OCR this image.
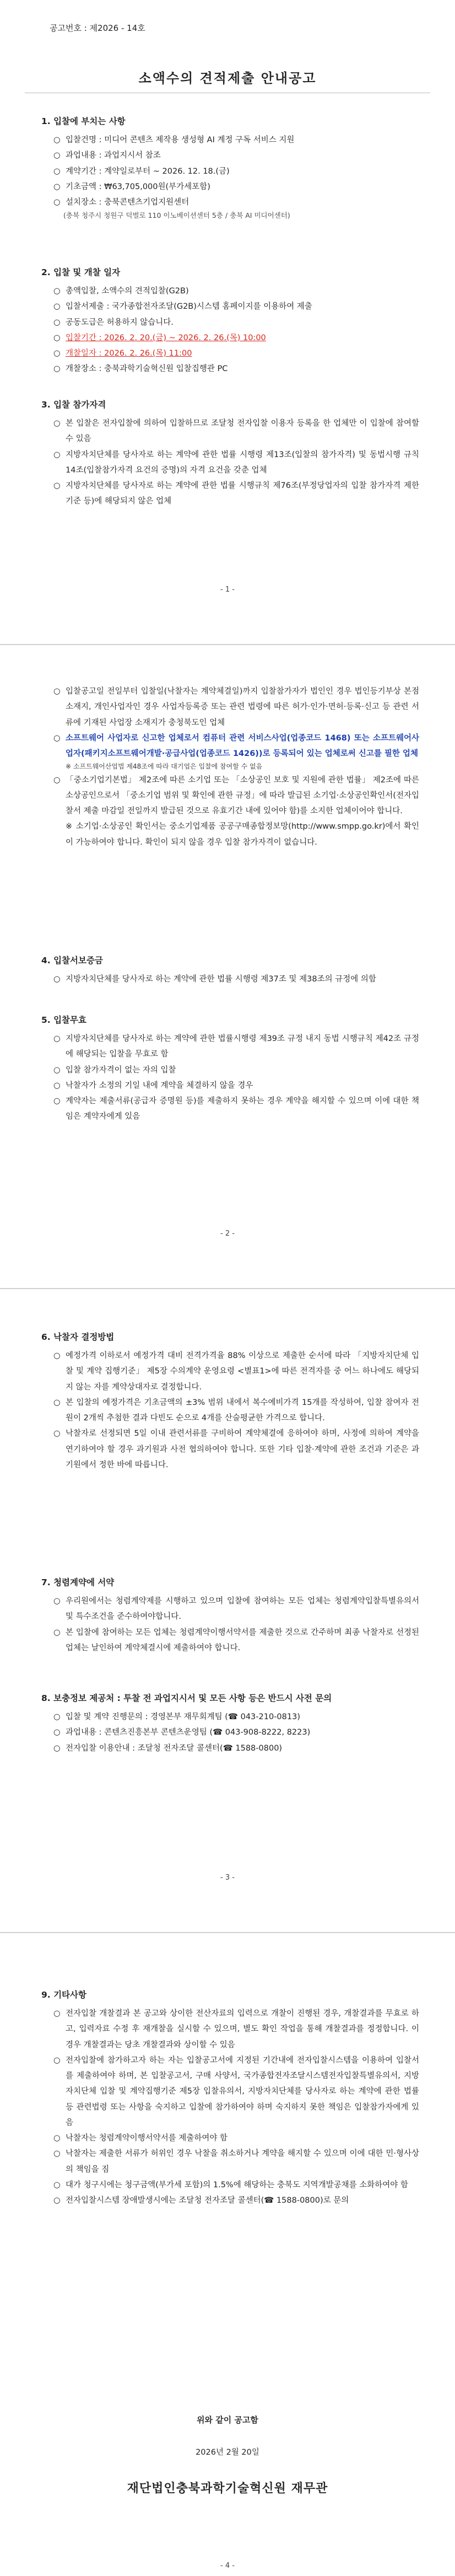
공고번호 : 제2026 - 14호
소액수의 견적제출 안내공고
1. 입찰에 부치는 사항
○ 입찰건명 : 미디어 콘텐츠 제작용 생성형 AI 계정 구독 서비스 지원
○ 과업내용 : 과업지시서 참조
○ 계약기간 : 계약일로부터 ~ 2026. 12. 18.(금)
○ 기초금액 : ₩63,705,000원(부가세포함)
○ 설치장소 : 충북콘텐츠기업지원센터
(충북 청주시 청원구 덕벌로 110 이노베이션센터 5층 / 충북 AI 미디어센터)
2. 입찰 및 개찰 일자
○ 총액입찰, 소액수의 견적입찰(G2B)
○ 입찰서제출 : 국가종합전자조달(G2B)시스템 홈페이지를 이용하여 제출
○ 공동도급은 허용하지 않습니다.
○ 입찰기간 : 2026. 2. 20.(금) ~ 2026. 2. 26.(목) 10:00
○ 개찰일자 : 2026. 2. 26.(목) 11:00
○ 개찰장소 : 충북과학기술혁신원 입찰집행관 PC
3. 입찰 참가자격
○ 본 입찰은 전자입찰에 의하여 입찰하므로 조달청 전자입찰 이용자 등록을 한 업체만 이 입찰에 참여할 수 있음
○ 지방자치단체를 당사자로 하는 계약에 관한 법률 시행령 제13조(입찰의 참가자격) 및 동법시행 규칙 14조(입찰참가자격 요건의 증명)의 자격 요건을 갖춘 업체
○ 지방자치단체를 당사자로 하는 계약에 관한 법률 시행규칙 제76조(부정당업자의 입찰 참가자격 제한기준 등)에 해당되지 않은 업체
- 1 -
○ 입찰공고일 전일부터 입찰일(낙찰자는 계약체결일)까지 입찰참가자가 법인인 경우 법인등기부상 본점 소재지, 개인사업자인 경우 사업자등록증 또는 관련 법령에 따른 허가·인가·면허·등록·신고 등 관련 서류에 기재된 사업장 소재지가 충청북도인 업체
○ 소프트웨어 사업자로 신고한 업체로서 컴퓨터 관련 서비스사업(업종코드 1468) 또는 소프트웨어사업자(패키지소프트웨어개발·공급사업(업종코드 1426))로 등록되어 있는 업체로써 신고를 필한 업체
※ 소프트웨어산업법 제48조에 따라 대기업은 입찰에 참여할 수 없음
○ 「중소기업기본법」 제2조에 따른 소기업 또는 「소상공인 보호 및 지원에 관한 법률」 제2조에 따른 소상공인으로서 「중소기업 범위 및 확인에 관한 규정」에 따라 발급된 소기업·소상공인확인서(전자입찰서 제출 마감일 전일까지 발급된 것으로 유효기간 내에 있어야 함)를 소지한 업체이어야 합니다.
※ 소기업·소상공인 확인서는 중소기업제품 공공구매종합정보망(http://www.smpp.go.kr)에서 확인이 가능하여야 합니다. 확인이 되지 않을 경우 입찰 참가자격이 없습니다.
4. 입찰서보증금
○ 지방자치단체를 당사자로 하는 계약에 관한 법률 시행령 제37조 및 제38조의 규정에 의함
5. 입찰무효
○ 지방자치단체를 당사자로 하는 계약에 관한 법률시행령 제39조 규정 내지 동법 시행규칙 제42조 규정에 해당되는 입찰을 무효로 함
○ 입찰 참가자격이 없는 자의 입찰
○ 낙찰자가 소정의 기일 내에 계약을 체결하지 않을 경우
○ 계약자는 제출서류(공급자 증명원 등)를 제출하지 못하는 경우 계약을 해지할 수 있으며 이에 대한 책임은 계약자에게 있음
- 2 -
6. 낙찰자 결정방법
○ 예정가격 이하로서 예정가격 대비 전격가격율 88% 이상으로 제출한 순서에 따라 「지방자치단체 입찰 및 계약 집행기준」 제5장 수의계약 운영요령 <별표1>에 따른 전격자를 중 어느 하나에도 해당되지 않는 자를 계약상대자로 결정합니다.
○ 본 입찰의 예정가격은 기초금액의 ±3% 범위 내에서 복수예비가격 15개를 작성하여, 입찰 참여자 전원이 2개씩 추첨한 결과 다빈도 순으로 4개를 산술평균한 가격으로 합니다.
○ 낙찰자로 선정되면 5일 이내 관련서류를 구비하여 계약체결에 응하여야 하며, 사정에 의하여 계약을 연기하여야 할 경우 과기원과 사전 협의하여야 합니다. 또한 기타 입찰·계약에 관한 조건과 기준은 과기원에서 정한 바에 따릅니다.
7. 청렴계약에 서약
○ 우리원에서는 청렴계약제를 시행하고 있으며 입찰에 참여하는 모든 업체는 청렴계약입찰특별유의서 및 특수조건을 준수하여야합니다.
○ 본 입찰에 참여하는 모든 업체는 청렴계약이행서약서를 제출한 것으로 간주하며 최종 낙찰자로 선정된 업체는 날인하여 계약체결시에 제출하여야 합니다.
8. 보충정보 제공처 : 투찰 전 과업지시서 및 모든 사항 등은 반드시 사전 문의
○ 입찰 및 계약 진행문의 : 경영본부 재무회계팀 (☎ 043-210-0813)
○ 과업내용 : 콘텐츠진흥본부 콘텐츠운영팀 (☎ 043-908-8222, 8223)
○ 전자입찰 이용안내 : 조달청 전자조달 콜센터(☎ 1588-0800)
- 3 -
9. 기타사항
○ 전자입찰 개찰결과 본 공고와 상이한 전산자료의 입력으로 개찰이 진행된 경우, 개찰결과를 무효로 하고, 입력자료 수정 후 재개찰을 실시할 수 있으며, 별도 확인 작업을 통해 개찰결과를 정정합니다. 이 경우 개찰결과는 당초 개찰결과와 상이할 수 있음
○ 전자입찰에 참가하고자 하는 자는 입찰공고서에 지정된 기간내에 전자입찰시스템을 이용하여 입찰서를 제출하여야 하며, 본 입찰공고서, 구매 사양서, 국가종합전자조달시스템전자입찰특별유의서, 지방자치단체 입찰 및 계약집행기준 제5장 입찰유의서, 지방자치단체를 당사자로 하는 계약에 관한 법률 등 관련법령 또는 사항을 숙지하고 입찰에 참가하여야 하며 숙지하지 못한 책임은 입찰참가자에게 있음
○ 낙찰자는 청렴계약이행서약서를 제출하여야 함
○ 낙찰자는 제출한 서류가 허위인 경우 낙찰을 취소하거나 계약을 해지할 수 있으며 이에 대한 민·형사상의 책임을 짐
○ 대가 청구시에는 청구금액(부가세 포함)의 1.5%에 해당하는 충북도 지역개발공채를 소화하여야 함
○ 전자입찰시스템 장애발생시에는 조달청 전자조달 콜센터(☎ 1588-0800)로 문의
위와 같이 공고함
2026년 2월 20일
재단법인충북과학기술혁신원 재무관
- 4 -
